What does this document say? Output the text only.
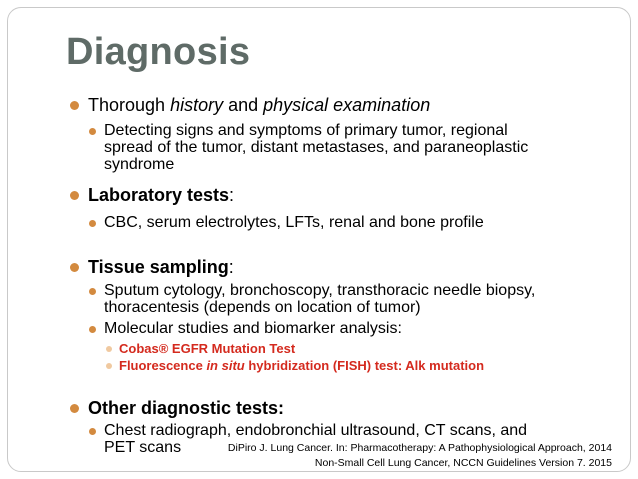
Diagnosis
Thorough history and physical examination
Detecting signs and symptoms of primary tumor, regional
spread of the tumor, distant metastases, and paraneoplastic
syndrome
Laboratory tests:
CBC, serum electrolytes, LFTs, renal and bone profile
Tissue sampling:
Sputum cytology, bronchoscopy, transthoracic needle biopsy,
thoracentesis (depends on location of tumor)
Molecular studies and biomarker analysis:
Cobas® EGFR Mutation Test
Fluorescence in situ hybridization (FISH) test: Alk mutation
Other diagnostic tests:
Chest radiograph, endobronchial ultrasound, CT scans, and
PET scans	DiPiro J. Lung Cancer. In: Pharmacotherapy: A Pathophysiological Approach, 2014
Non-Small Cell Lung Cancer, NCCN Guidelines Version 7. 2015
